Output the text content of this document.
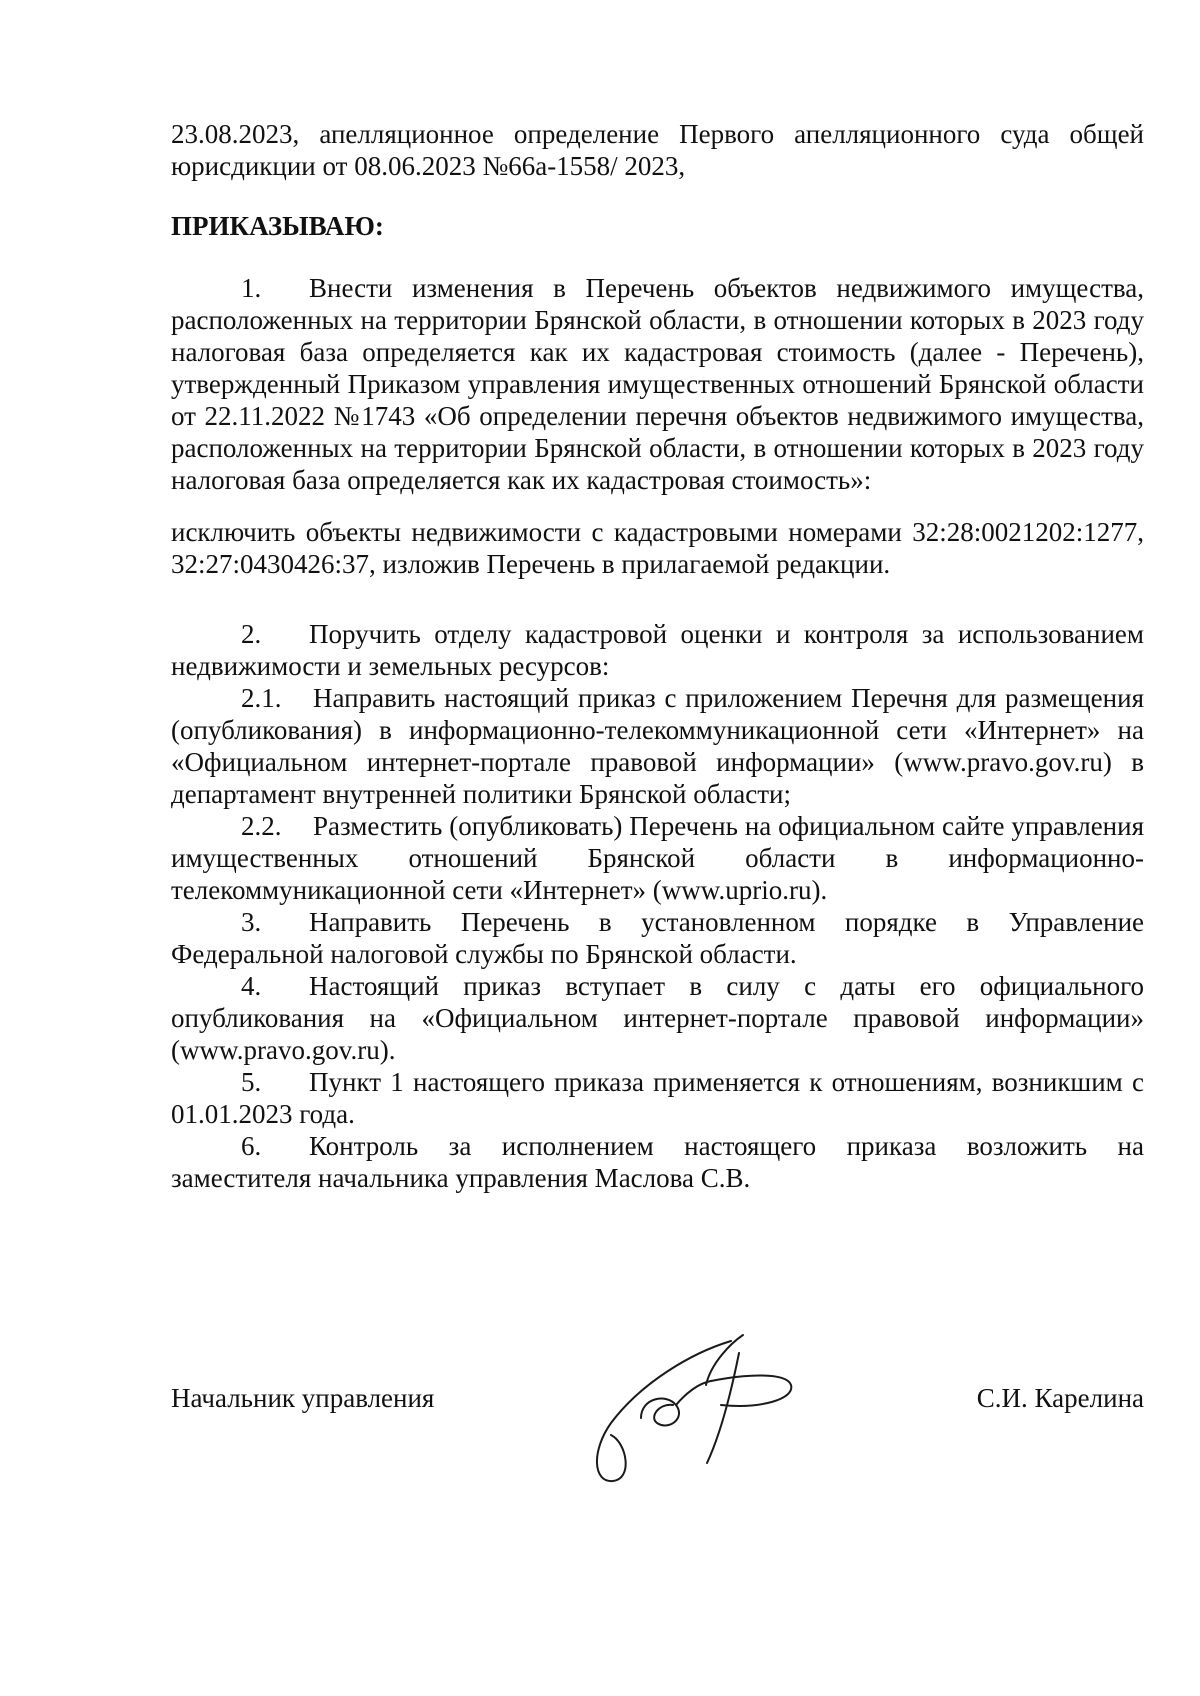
23.08.2023, апелляционное определение Первого апелляционного суда общей юрисдикции от 08.06.2023 №66а-1558/ 2023,

ПРИКАЗЫВАЮ:

1. Внести изменения в Перечень объектов недвижимого имущества, расположенных на территории Брянской области, в отношении которых в 2023 году налоговая база определяется как их кадастровая стоимость (далее - Перечень), утвержденный Приказом управления имущественных отношений Брянской области от 22.11.2022 №1743 «Об определении перечня объектов недвижимого имущества, расположенных на территории Брянской области, в отношении которых в 2023 году налоговая база определяется как их кадастровая стоимость»:

исключить объекты недвижимости с кадастровыми номерами 32:28:0021202:1277, 32:27:0430426:37, изложив Перечень в прилагаемой редакции.

2. Поручить отделу кадастровой оценки и контроля за использованием недвижимости и земельных ресурсов:

2.1. Направить настоящий приказ с приложением Перечня для размещения (опубликования) в информационно-телекоммуникационной сети «Интернет» на «Официальном интернет-портале правовой информации» (www.pravo.gov.ru) в департамент внутренней политики Брянской области;

2.2. Разместить (опубликовать) Перечень на официальном сайте управления имущественных отношений Брянской области в информационно-телекоммуникационной сети «Интернет» (www.uprio.ru).

3. Направить Перечень в установленном порядке в Управление Федеральной налоговой службы по Брянской области.

4. Настоящий приказ вступает в силу с даты его официального опубликования на «Официальном интернет-портале правовой информации» (www.pravo.gov.ru).

5. Пункт 1 настоящего приказа применяется к отношениям, возникшим с 01.01.2023 года.

6. Контроль за исполнением настоящего приказа возложить на заместителя начальника управления Маслова С.В.

Начальник управления	С.И. Карелина
